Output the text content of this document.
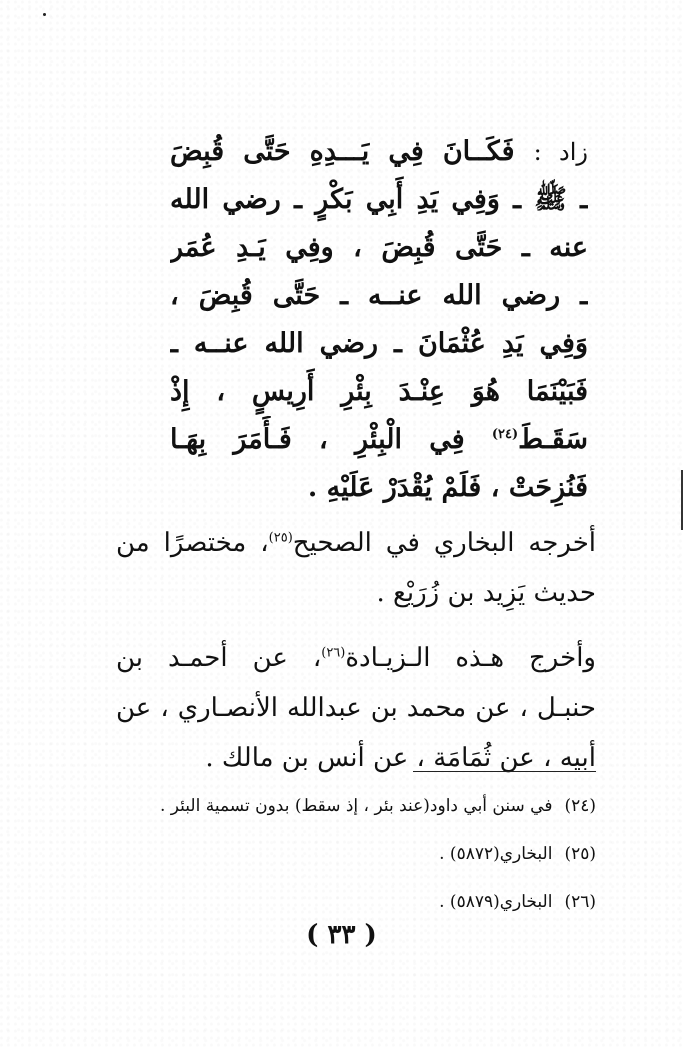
زاد : فَكَــانَ فِي يَـــدِهِ حَتَّى قُبِضَ
ـ ﷺ ـ وَفِي يَدِ أَبِي بَكْرٍ ـ رضي الله
عنه ـ حَتَّى قُبِضَ ، وفِي يَـدِ عُمَر
ـ رضي الله عنــه ـ حَتَّى قُبِضَ ،
وَفِي يَدِ عُثْمَانَ ـ رضي الله عنــه ـ
فَبَيْنَمَا هُوَ عِنْـدَ بِئْرِ أَرِيسٍ ، إِذْ
سَقَـطَ$^{(٢٤)}$ فِي الْبِئْرِ ، فَـأَمَرَ بِهَـا
فَنُزِحَتْ ، فَلَمْ يُقْدَرْ عَلَيْهِ .
أخرجه البخاري في الصحيح$^{(٢٥)}$، مختصرًا من
حديث يَزِيد بن زُرَيْع .
وأخرج هـذه الـزيـادة$^{(٢٦)}$، عن أحمـد بن
حنبـل ، عن محمد بن عبدالله الأنصـاري ، عن
أبيه ، عن ثُمَامَة ، عن أنس بن مالك .
(٢٤)في سنن أبي داود(عند بئر ، إذ سقط) بدون تسمية البئر .
(٢٥)البخاري(٥٨٧٢) .
(٢٦)البخاري(٥٨٧٩) .
( ٣٣ )
